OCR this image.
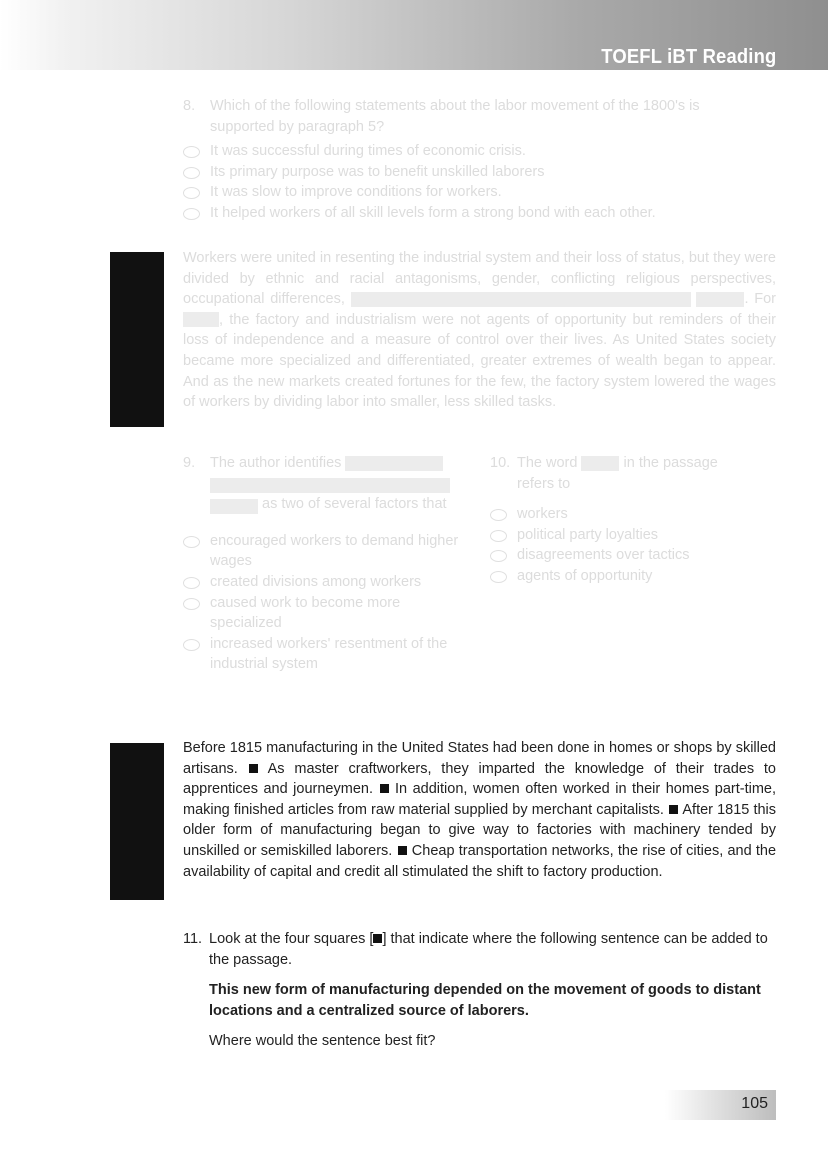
TOEFL iBT Reading
8. Which of the following statements about the labor movement of the 1800's is supported by paragraph 5?
It was successful during times of economic crisis.
Its primary purpose was to benefit unskilled laborers
It was slow to improve conditions for workers.
It helped workers of all skill levels form a strong bond with each other.

Workers were united in resenting the industrial system and their loss of status, but they were divided by ethnic and racial antagonisms, gender, conflicting religious perspectives, occupational differences,	. For , the factory and industrialism were not agents of opportunity but reminders of their loss of independence and a measure of control over their lives. As United States society became more specialized and differentiated, greater extremes of wealth began to appear. And as the new markets created fortunes for the few, the factory system lowered the wages of workers by dividing labor into smaller, less skilled tasks.

9. The author identifies    as two of several factors that
encouraged workers to demand higher wages
created divisions among workers
caused work to become more specialized
increased workers' resentment of the industrial system
10. The word	in the passage refers to
workers
political party loyalties
disagreements over tactics
agents of opportunity

Before 1815 manufacturing in the United States had been done in homes or shops by skilled artisans. As master craftworkers, they imparted the knowledge of their trades to apprentices and journeymen. In addition, women often worked in their homes part-time, making finished articles from raw material supplied by merchant capitalists. After 1815 this older form of manufacturing began to give way to factories with machinery tended by unskilled or semiskilled laborers. Cheap transportation networks, the rise of cities, and the availability of capital and credit all stimulated the shift to factory production.

11. Look at the four squares [ ] that indicate where the following sentence can be added to the passage.

This new form of manufacturing depended on the movement of goods to distant locations and a centralized source of laborers.

Where would the sentence best fit?

105
